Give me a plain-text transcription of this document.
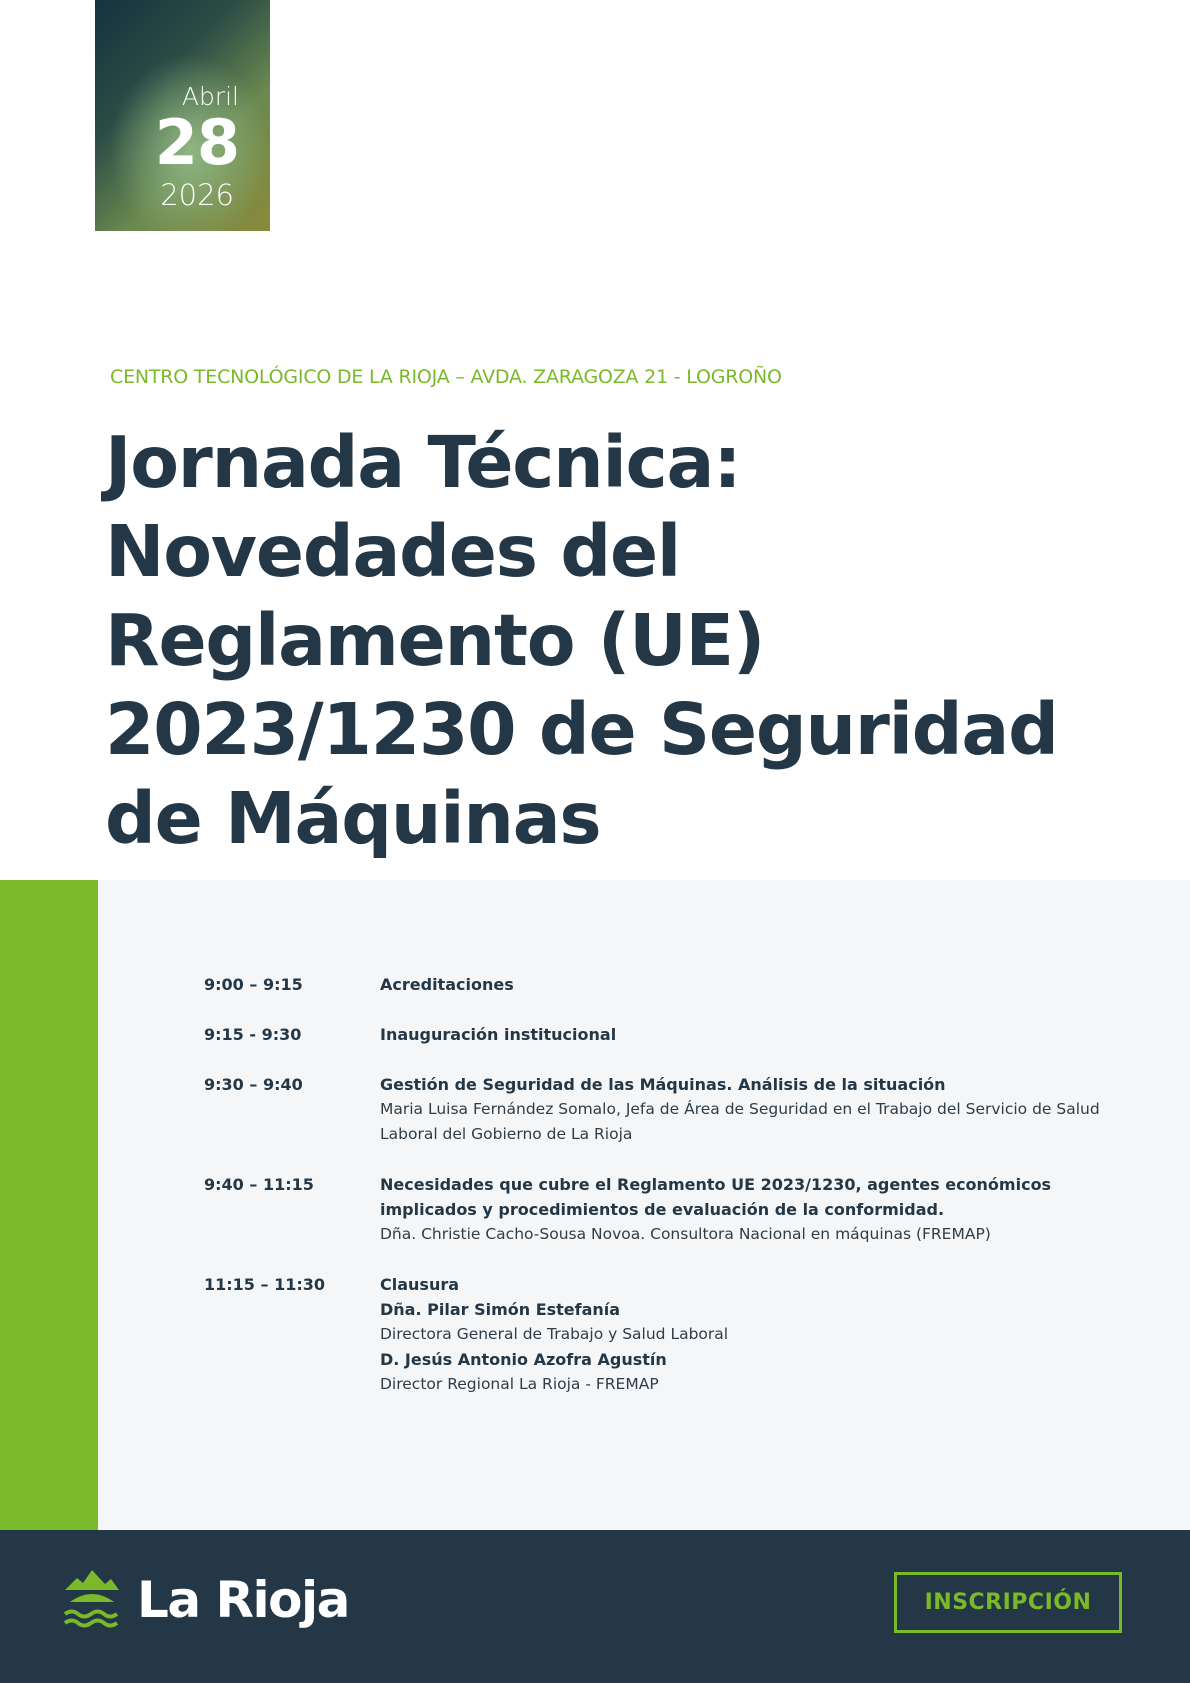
Abril
28
2026
CENTRO TECNOLÓGICO DE LA RIOJA – AVDA. ZARAGOZA 21 - LOGROÑO
Jornada Técnica: Novedades del Reglamento (UE) 2023/1230 de Seguridad de Máquinas
9:00 – 9:15	Acreditaciones
9:15 - 9:30	Inauguración institucional
9:30 – 9:40	Gestión de Seguridad de las Máquinas. Análisis de la situación
Maria Luisa Fernández Somalo, Jefa de Área de Seguridad en el Trabajo del Servicio de Salud Laboral del Gobierno de La Rioja
9:40 – 11:15	Necesidades que cubre el Reglamento UE 2023/1230, agentes económicos implicados y procedimientos de evaluación de la conformidad.
Dña. Christie Cacho-Sousa Novoa. Consultora Nacional en máquinas (FREMAP)
11:15 – 11:30	Clausura
Dña. Pilar Simón Estefanía
Directora General de Trabajo y Salud Laboral
D. Jesús Antonio Azofra Agustín
Director Regional La Rioja - FREMAP
La Rioja	INSCRIPCIÓN
